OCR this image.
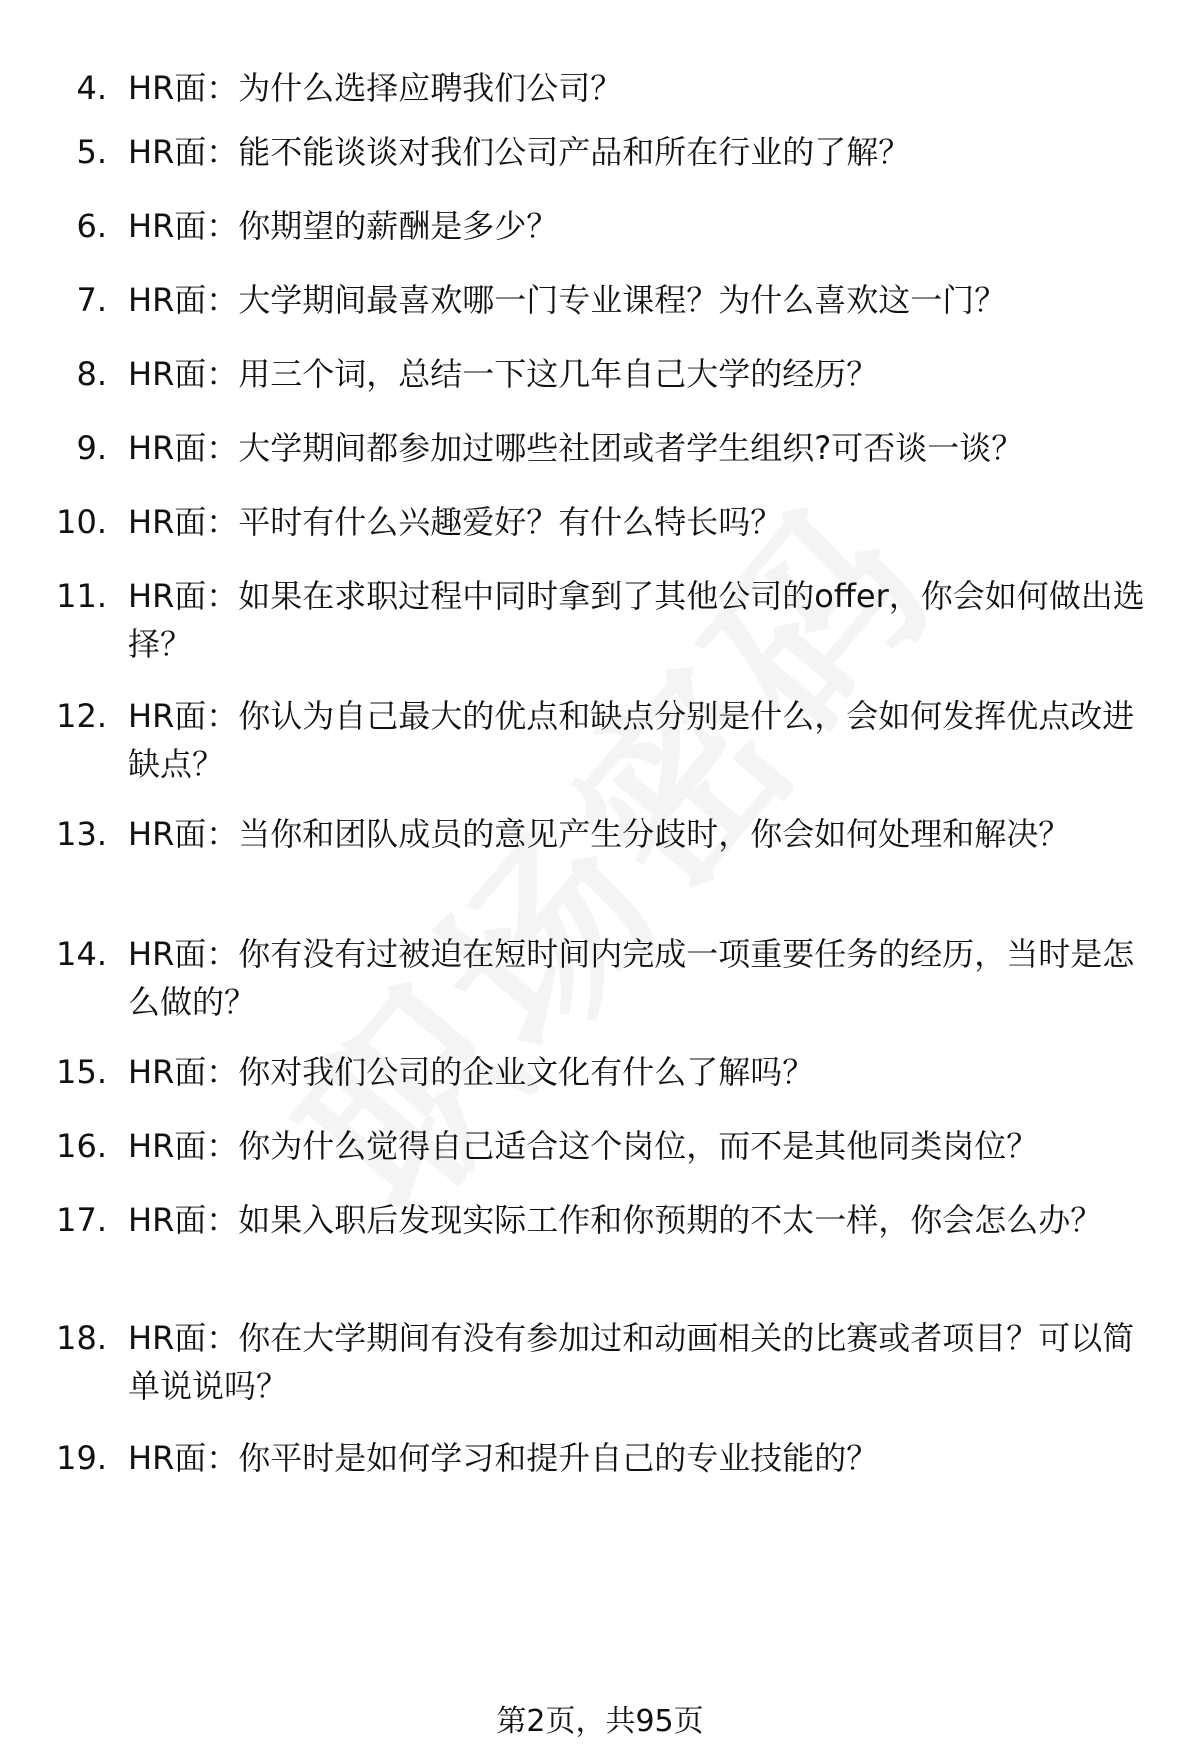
4. HR面：为什么选择应聘我们公司？
5. HR面：能不能谈谈对我们公司产品和所在行业的了解？
6. HR面：你期望的薪酬是多少？
7. HR面：大学期间最喜欢哪一门专业课程？为什么喜欢这一门？
8. HR面：用三个词，总结一下这几年自己大学的经历？
9. HR面：大学期间都参加过哪些社团或者学生组织?可否谈一谈？
10. HR面：平时有什么兴趣爱好？有什么特长吗？
11. HR面：如果在求职过程中同时拿到了其他公司的offer，你会如何做出选择？
12. HR面：你认为自己最大的优点和缺点分别是什么，会如何发挥优点改进缺点？
13. HR面：当你和团队成员的意见产生分歧时，你会如何处理和解决？
14. HR面：你有没有过被迫在短时间内完成一项重要任务的经历，当时是怎么做的？
15. HR面：你对我们公司的企业文化有什么了解吗？
16. HR面：你为什么觉得自己适合这个岗位，而不是其他同类岗位？
17. HR面：如果入职后发现实际工作和你预期的不太一样，你会怎么办？
18. HR面：你在大学期间有没有参加过和动画相关的比赛或者项目？可以简单说说吗？
19. HR面：你平时是如何学习和提升自己的专业技能的？
第2页，共95页
